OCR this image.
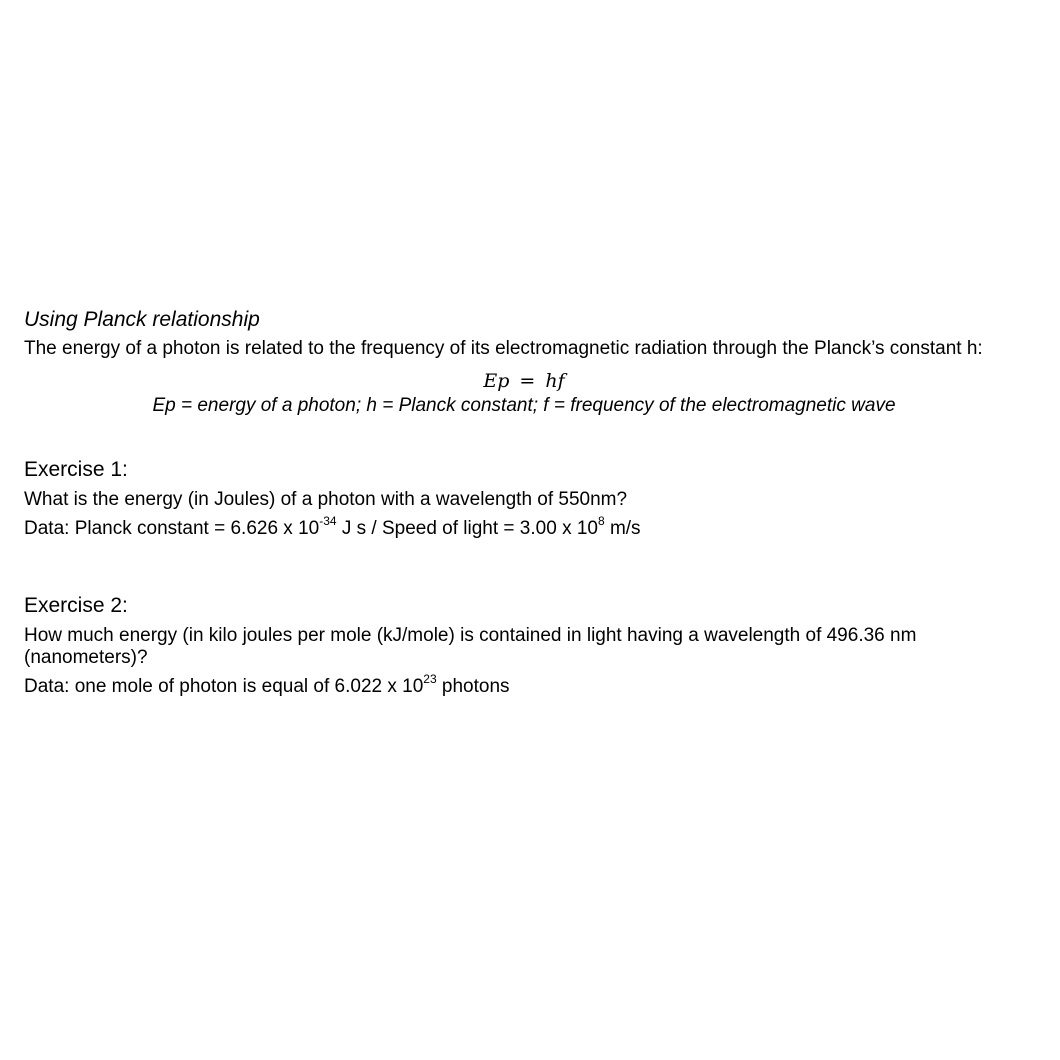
Using Planck relationship

The energy of a photon is related to the frequency of its electromagnetic radiation through the Planck’s constant h:

Ep = hf

Ep = energy of a photon; h = Planck constant; f = frequency of the electromagnetic wave

Exercise 1:

What is the energy (in Joules) of a photon with a wavelength of 550nm?

Data: Planck constant = 6.626 x $10^{-34}$ J s / Speed of light = 3.00 x $10^8$ m/s

Exercise 2:

How much energy (in kilo joules per mole (kJ/mole) is contained in light having a wavelength of 496.36 nm (nanometers)?

Data: one mole of photon is equal of 6.022 x $10^{23}$ photons
